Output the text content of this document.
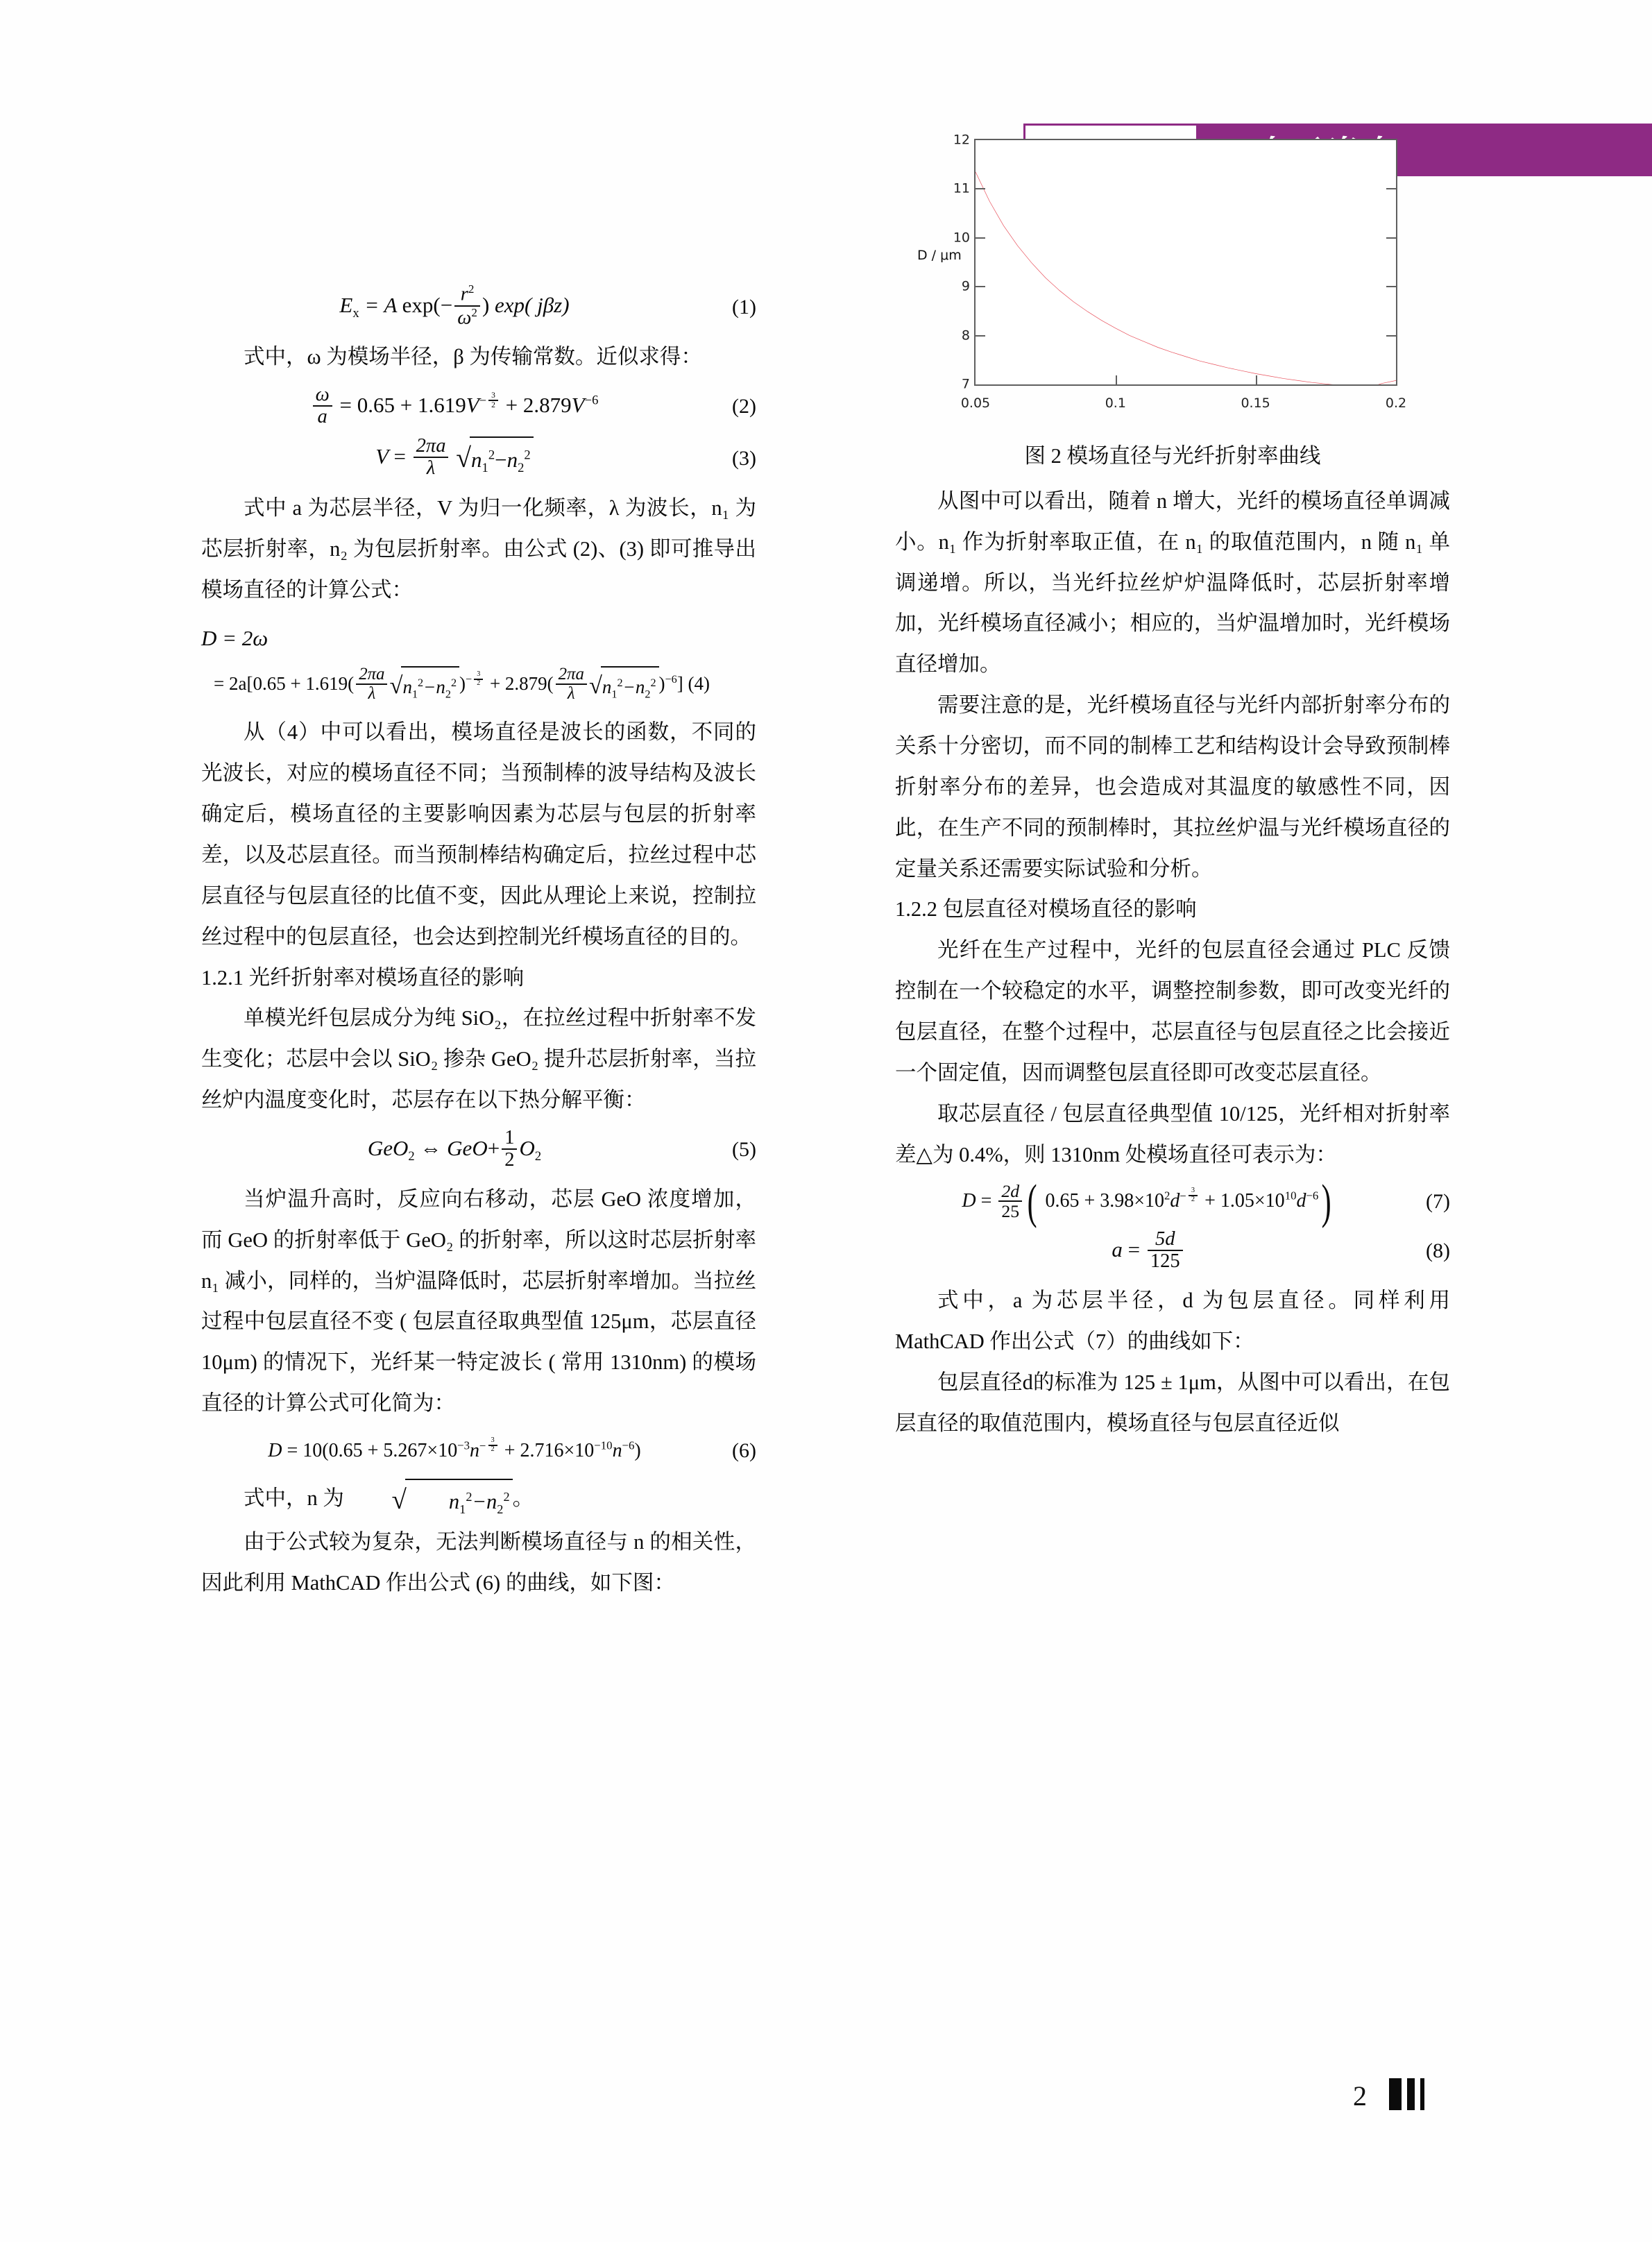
$E_x = A$ $\exp(- \frac{r^2}{\omega^2}$ ) exp( jβz)	(1)

式中，ω 为模场半径，β 为传输常数。近似求得：

$\frac{\omega}{a} = 0.65 + 1.619V^{- \frac{3}{2}} + 2.879V^{-6}$	(2)
$V = \frac{2\pi a}{\lambda}$
√ $n_1^2-n_2^2$	(3)

式中 a 为芯层半径，V 为归一化频率，λ 为波长，n₁ 为芯层折射率，n₂ 为包层折射率。由公式 (2)、(3) 即可推导出模场直径的计算公式：

D = 2ω
= $2a[0.65 + 1.619( \frac{2\pi a}{\lambda}$ √ $n_1^2-n_2^2$ )$^{- \frac{3}{2}} + 2.879( \frac{2\pi a}{\lambda}$ √ $n_1^2-n_2^2$ )$^{-6}$] (4)

从（4）中可以看出，模场直径是波长的函数，不同的光波长，对应的模场直径不同；当预制棒的波导结构及波长确定后，模场直径的主要影响因素为芯层与包层的折射率差，以及芯层直径。而当预制棒结构确定后，拉丝过程中芯层直径与包层直径的比值不变，因此从理论上来说，控制拉丝过程中的包层直径，也会达到控制光纤模场直径的目的。

1.2.1 光纤折射率对模场直径的影响

单模光纤包层成分为纯 SiO₂，在拉丝过程中折射率不发生变化；芯层中会以 SiO₂ 掺杂 GeO₂ 提升芯层折射率，当拉丝炉内温度变化时，芯层存在以下热分解平衡：

GeO$_2$ ⇔ $GeO+ \frac{1}{2} O_2$	(5)

当炉温升高时，反应向右移动，芯层 GeO 浓度增加，而 GeO 的折射率低于 GeO₂ 的折射率，所以这时芯层折射率 n₁ 减小，同样的，当炉温降低时，芯层折射率增加。当拉丝过程中包层直径不变 ( 包层直径取典型值 125μm，芯层直径 10μm) 的情况下，光纤某一特定波长 ( 常用 1310nm) 的模场直径的计算公式可化简为：

$D = 10(0.65 + 5.267\times 10^{-3}n^{- \frac{3}{2}} + 2.716\times 10^{-10}n^{-6})$	(6)

式中，n 为	√	$n_1^2-n_2^2$ 。

由于公式较为复杂，无法判断模场直径与 n 的相关性，因此利用 MathCAD 作出公式 (6) 的曲线，如下图：

D / μm
12
11
10
9
8
7
0.05	0.1	0.15	0.2
图 2 模场直径与光纤折射率曲线

从图中可以看出，随着 n 增大，光纤的模场直径单调减小。n₁ 作为折射率取正值，在 n₁ 的取值范围内，n 随 n₁ 单调递增。所以，当光纤拉丝炉炉温降低时，芯层折射率增加，光纤模场直径减小；相应的，当炉温增加时，光纤模场直径增加。

需要注意的是，光纤模场直径与光纤内部折射率分布的关系十分密切，而不同的制棒工艺和结构设计会导致预制棒折射率分布的差异，也会造成对其温度的敏感性不同，因此，在生产不同的预制棒时，其拉丝炉温与光纤模场直径的定量关系还需要实际试验和分析。

1.2.2 包层直径对模场直径的影响

光纤在生产过程中，光纤的包层直径会通过 PLC 反馈控制在一个较稳定的水平，调整控制参数，即可改变光纤的包层直径，在整个过程中，芯层直径与包层直径之比会接近一个固定值，因而调整包层直径即可改变芯层直径。

取芯层直径 / 包层直径典型值 10/125，光纤相对折射率差△为 0.4%，则 1310nm 处模场直径可表示为：

$D = \frac{2d}{25}$ ( $0.65 + 3.98\times 10^2d^{- \frac{3}{2}} + 1.05\times 10^{10}d^{-6}$)	(7)
$a = \frac{5d}{125}$	(8)

式中，a 为芯层半径，d 为包层直径。同样利用 MathCAD 作出公式（7）的曲线如下：

包层直径d的标准为 125 ± 1μm，从图中可以看出，在包层直径的取值范围内，模场直径与包层直径近似

2
